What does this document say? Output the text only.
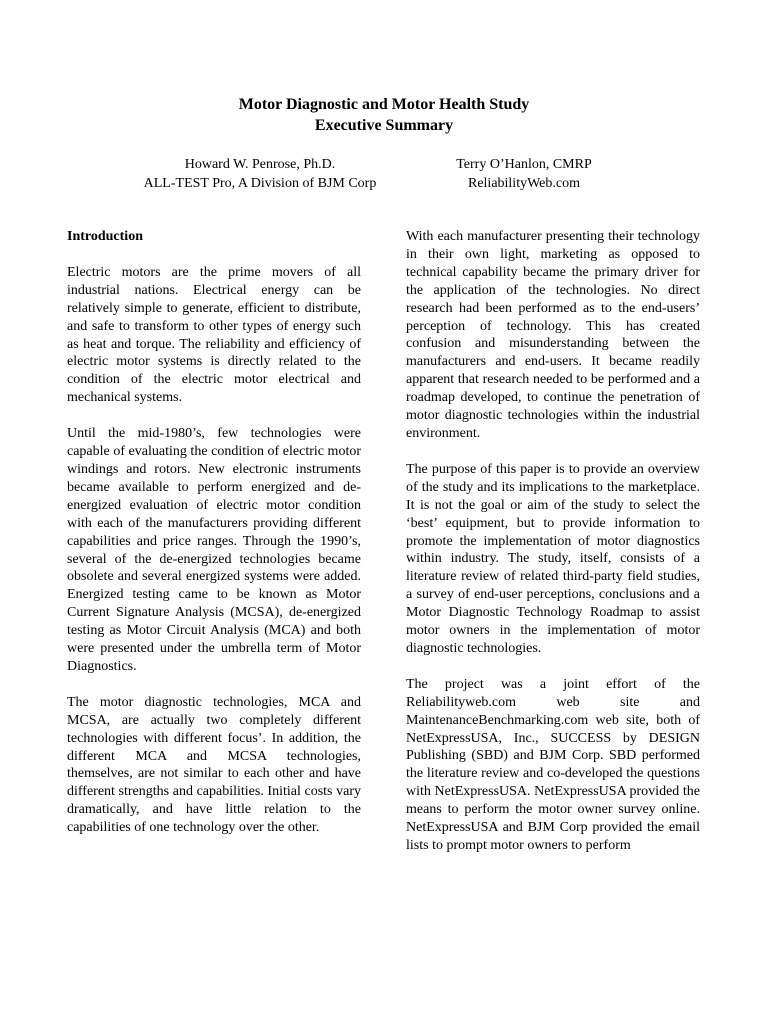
Motor Diagnostic and Motor Health Study
Executive Summary
Howard W. Penrose, Ph.D.
ALL-TEST Pro, A Division of BJM Corp
Terry O’Hanlon, CMRP
ReliabilityWeb.com
Introduction

Electric motors are the prime movers of all industrial nations. Electrical energy can be relatively simple to generate, efficient to distribute, and safe to transform to other types of energy such as heat and torque. The reliability and efficiency of electric motor systems is directly related to the condition of the electric motor electrical and mechanical systems.

Until the mid-1980’s, few technologies were capable of evaluating the condition of electric motor windings and rotors. New electronic instruments became available to perform energized and de-energized evaluation of electric motor condition with each of the manufacturers providing different capabilities and price ranges. Through the 1990’s, several of the de-energized technologies became obsolete and several energized systems were added. Energized testing came to be known as Motor Current Signature Analysis (MCSA), de-energized testing as Motor Circuit Analysis (MCA) and both were presented under the umbrella term of Motor Diagnostics.

The motor diagnostic technologies, MCA and MCSA, are actually two completely different technologies with different focus’. In addition, the different MCA and MCSA technologies, themselves, are not similar to each other and have different strengths and capabilities. Initial costs vary dramatically, and have little relation to the capabilities of one technology over the other.

With each manufacturer presenting their technology in their own light, marketing as opposed to technical capability became the primary driver for the application of the technologies. No direct research had been performed as to the end-users’ perception of technology. This has created confusion and misunderstanding between the manufacturers and end-users. It became readily apparent that research needed to be performed and a roadmap developed, to continue the penetration of motor diagnostic technologies within the industrial environment.

The purpose of this paper is to provide an overview of the study and its implications to the marketplace. It is not the goal or aim of the study to select the ‘best’ equipment, but to provide information to promote the implementation of motor diagnostics within industry. The study, itself, consists of a literature review of related third-party field studies, a survey of end-user perceptions, conclusions and a Motor Diagnostic Technology Roadmap to assist motor owners in the implementation of motor diagnostic technologies.

The project was a joint effort of the Reliabilityweb.com web site and MaintenanceBenchmarking.com web site, both of NetExpressUSA, Inc., SUCCESS by DESIGN Publishing (SBD) and BJM Corp. SBD performed the literature review and co-developed the questions with NetExpressUSA. NetExpressUSA provided the means to perform the motor owner survey online. NetExpressUSA and BJM Corp provided the email lists to prompt motor owners to perform
